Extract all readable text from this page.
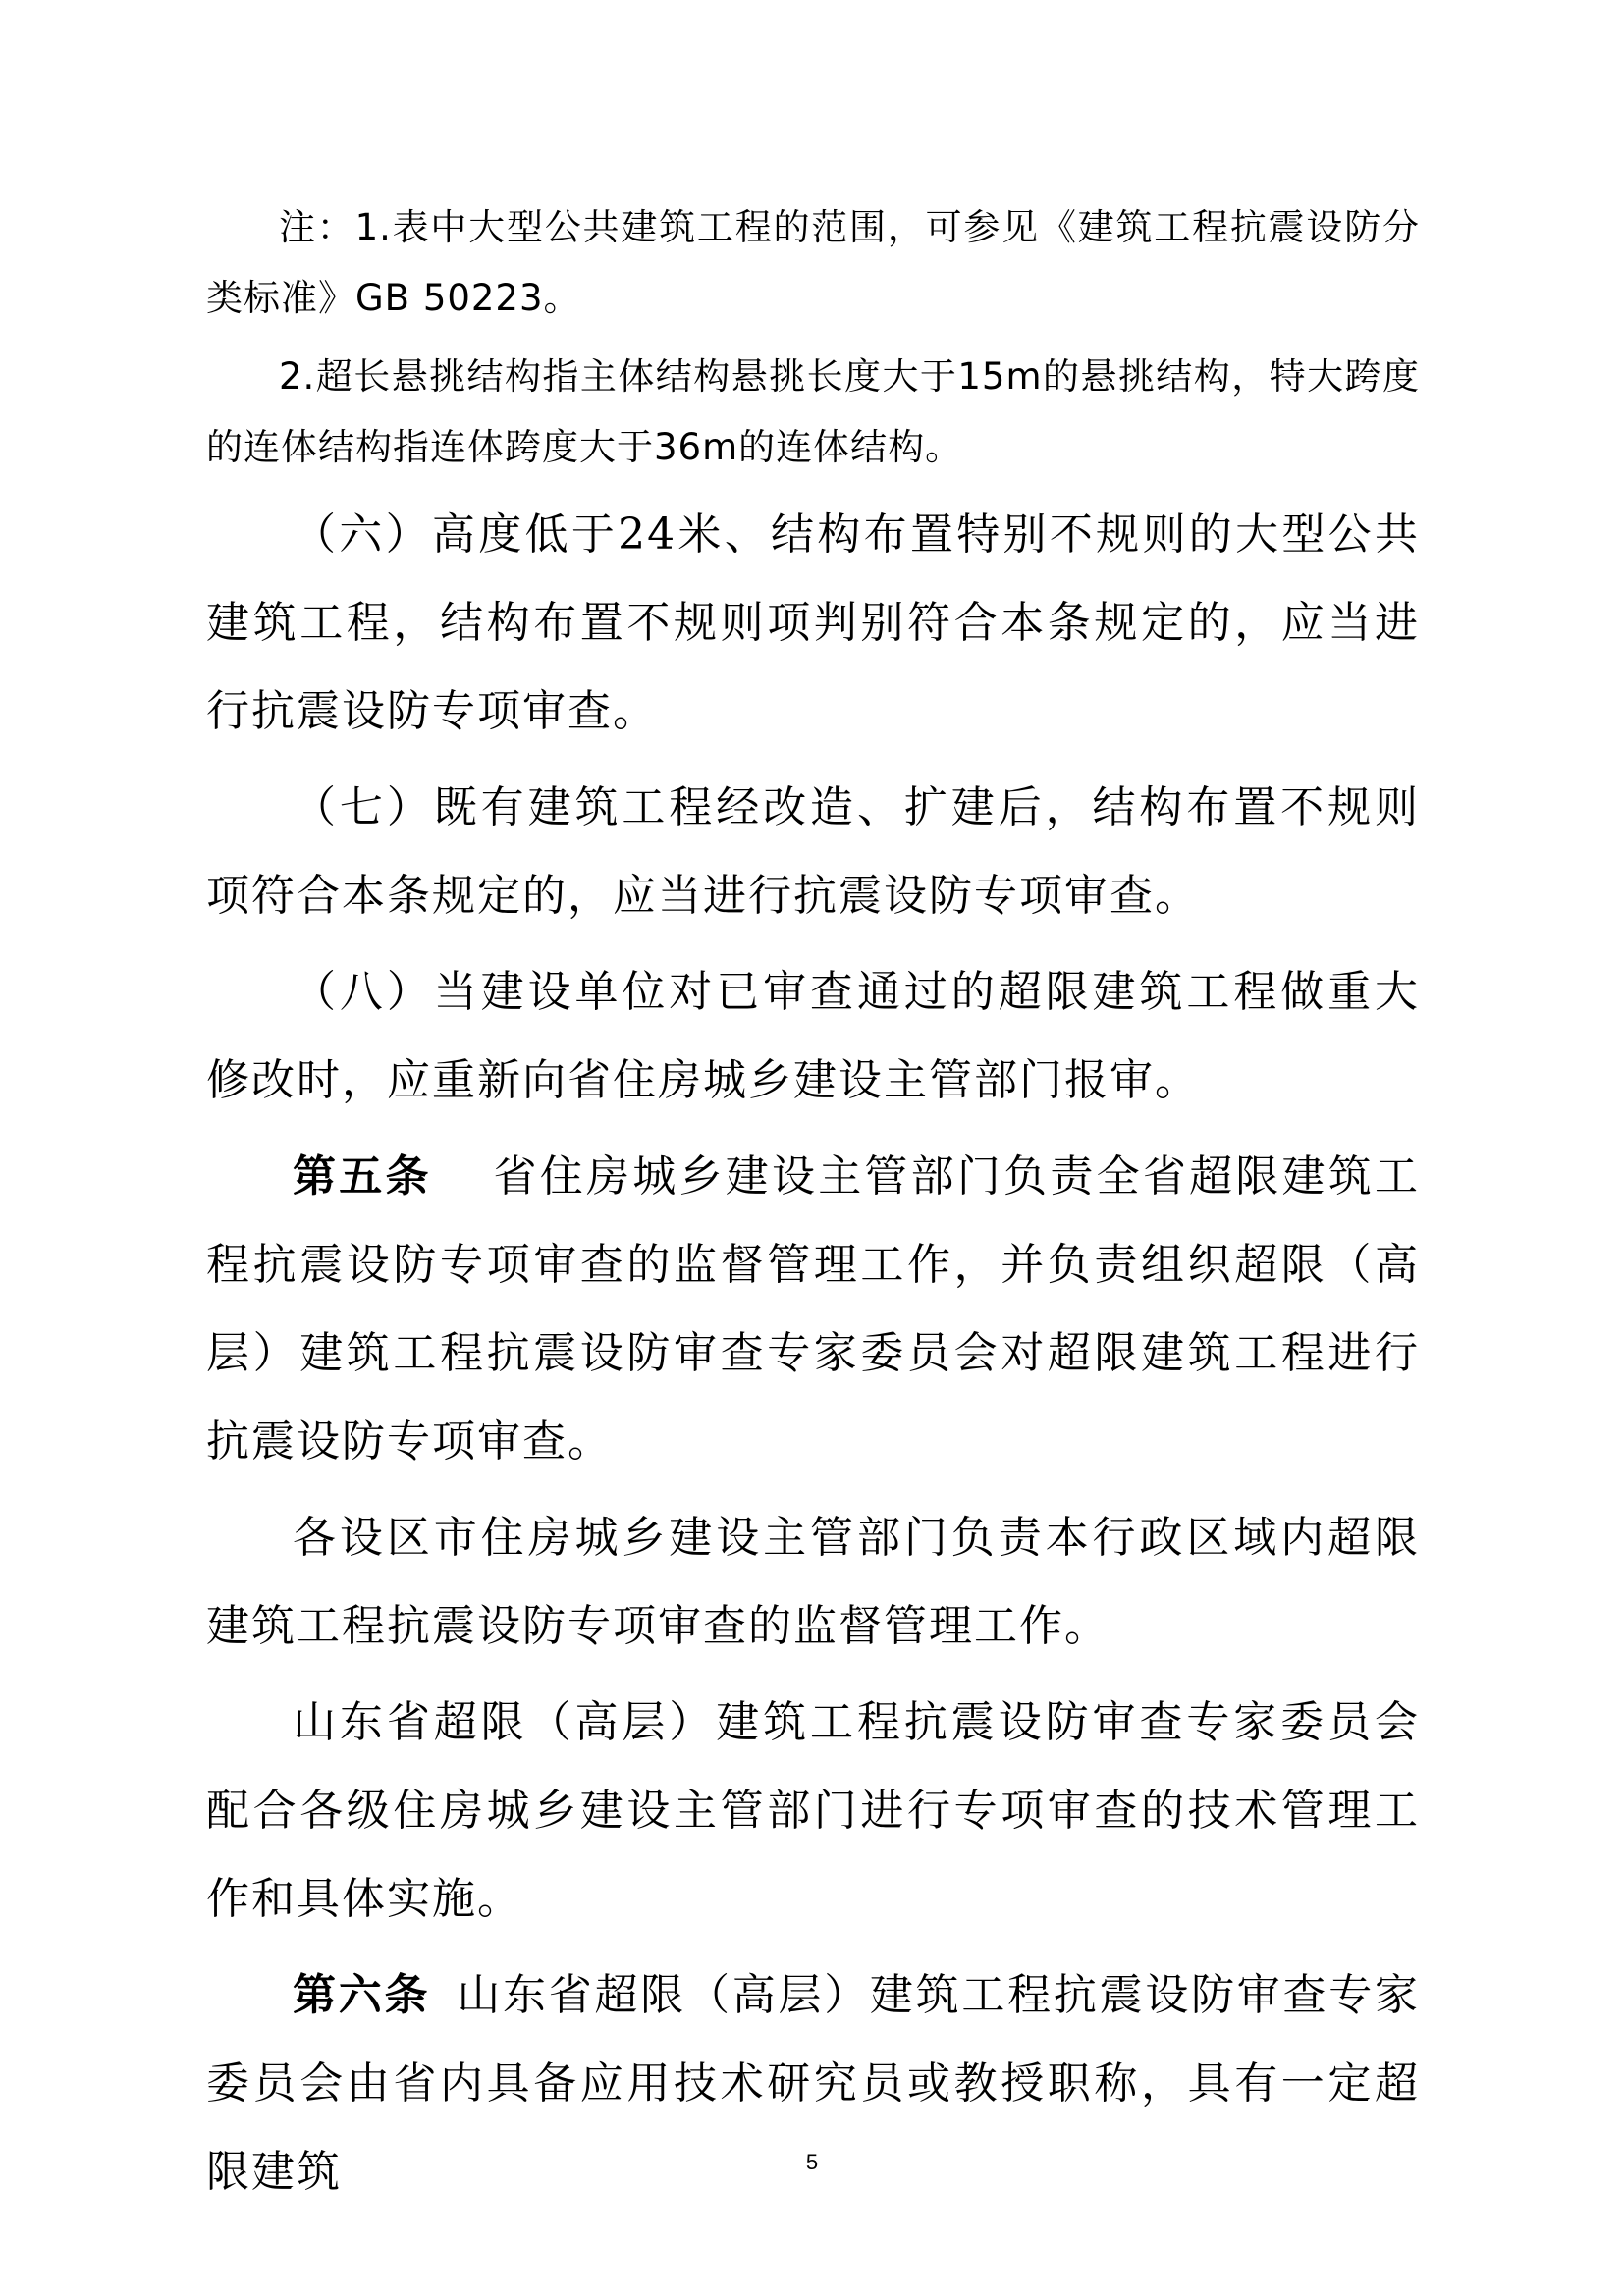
注：1.表中大型公共建筑工程的范围，可参见《建筑工程抗震设防分类标准》GB 50223。

2.超长悬挑结构指主体结构悬挑长度大于15m的悬挑结构，特大跨度的连体结构指连体跨度大于36m的连体结构。

（六）高度低于24米、结构布置特别不规则的大型公共建筑工程，结构布置不规则项判别符合本条规定的，应当进行抗震设防专项审查。

（七）既有建筑工程经改造、扩建后，结构布置不规则项符合本条规定的，应当进行抗震设防专项审查。

（八）当建设单位对已审查通过的超限建筑工程做重大修改时，应重新向省住房城乡建设主管部门报审。

第五条 省住房城乡建设主管部门负责全省超限建筑工程抗震设防专项审查的监督管理工作，并负责组织超限（高层）建筑工程抗震设防审查专家委员会对超限建筑工程进行抗震设防专项审查。

各设区市住房城乡建设主管部门负责本行政区域内超限建筑工程抗震设防专项审查的监督管理工作。

山东省超限（高层）建筑工程抗震设防审查专家委员会配合各级住房城乡建设主管部门进行专项审查的技术管理工作和具体实施。

第六条 山东省超限（高层）建筑工程抗震设防审查专家委员会由省内具备应用技术研究员或教授职称，具有一定超限建筑	5
